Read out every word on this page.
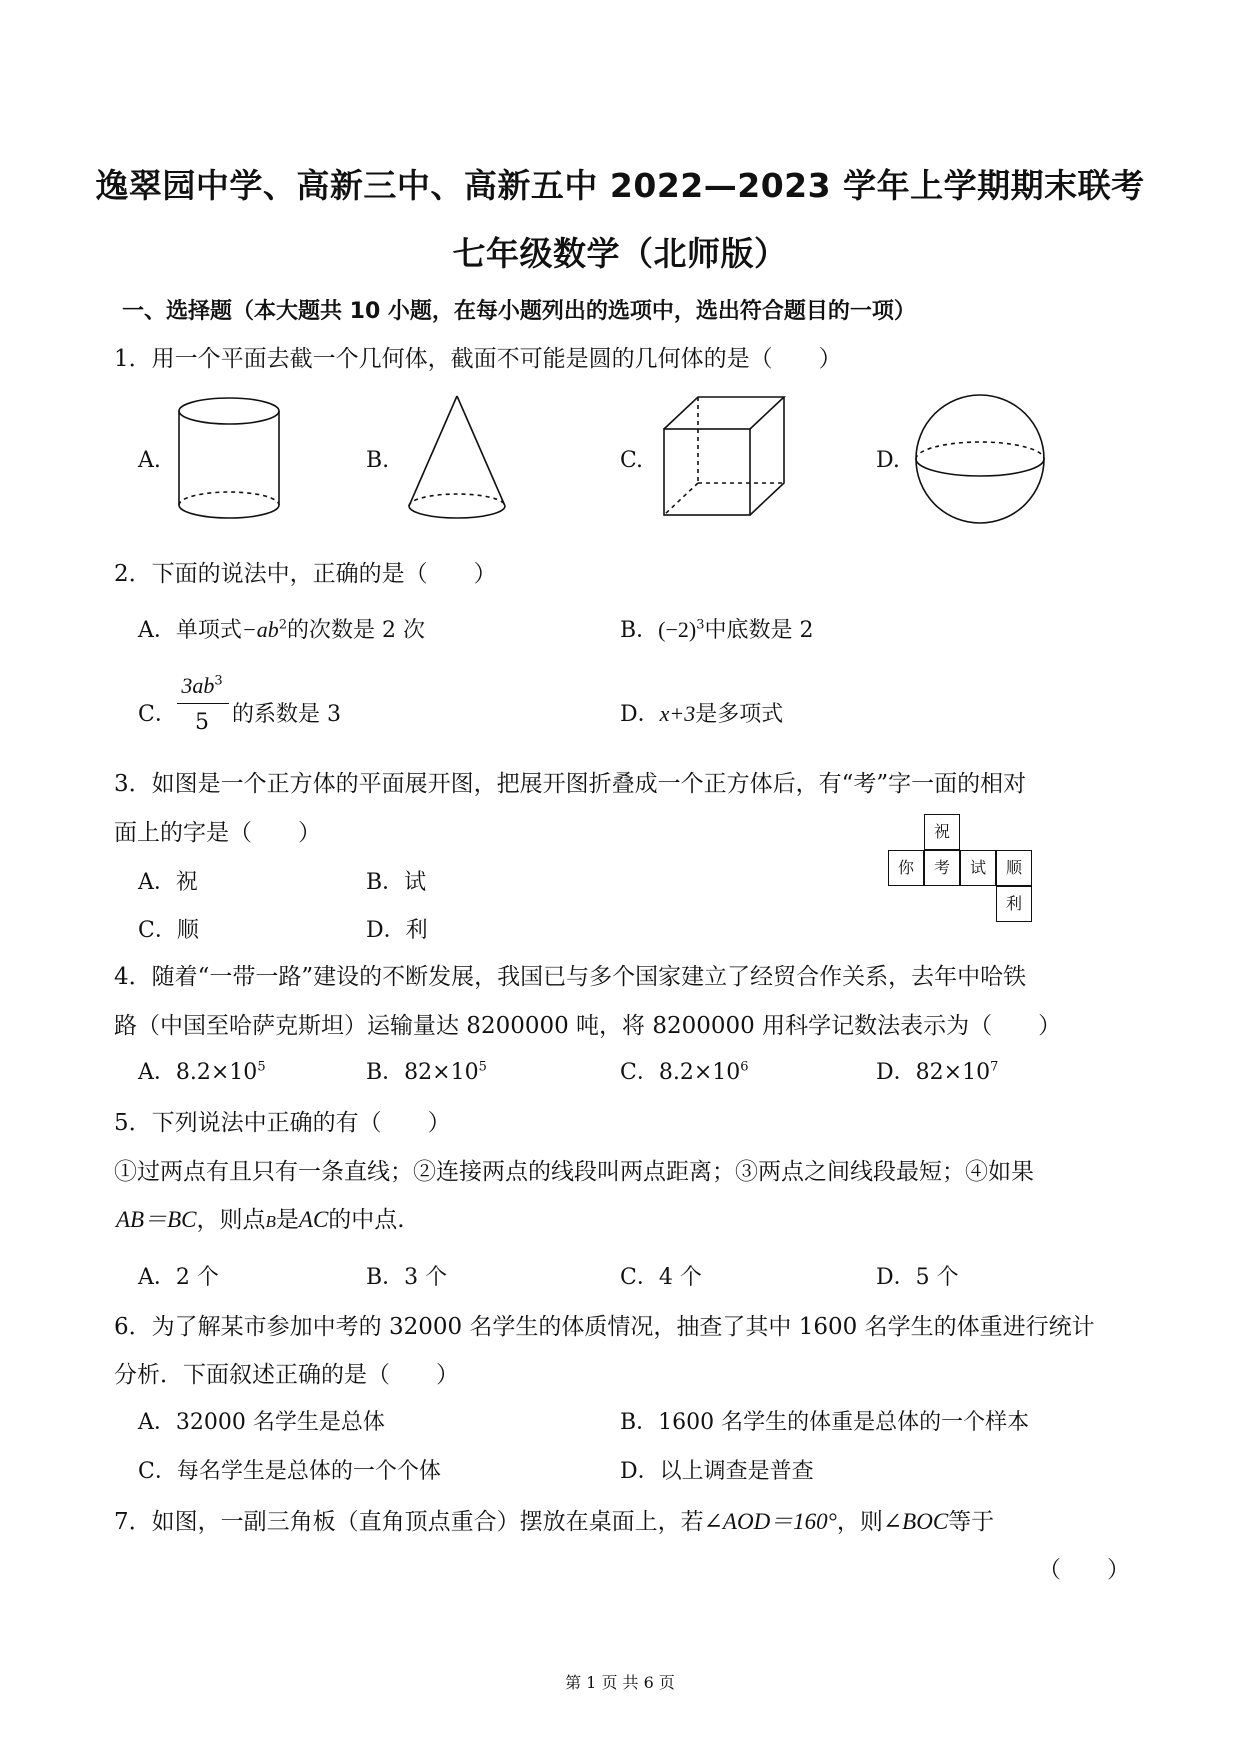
逸翠园中学、高新三中、高新五中 2022—2023 学年上学期期末联考
七年级数学（北师版）
一、选择题（本大题共 10 小题，在每小题列出的选项中，选出符合题目的一项）
1．用一个平面去截一个几何体，截面不可能是圆的几何体的是（　　）
A.	B.	C.	D.
2．下面的说法中，正确的是（　　）
A．单项式$-ab^2$的次数是 2 次	B．$(-2)^3$中底数是 2
C．
$3ab^3$
5	的系数是 3	D．x+3是多项式
3．如图是一个正方体的平面展开图，把展开图折叠成一个正方体后，有“考”字一面的相对
面上的字是（　　）
A．祝	B．试
C．顺	D．利
祝
你	考	试	顺
利
4．随着“一带一路”建设的不断发展，我国已与多个国家建立了经贸合作关系，去年中哈铁
路（中国至哈萨克斯坦）运输量达 8200000 吨，将 8200000 用科学记数法表示为（　　）
A．$8.2\times 10^5$	B．$82\times 10^5$	C．$8.2\times 10^6$	D．$82\times 10^7$
5．下列说法中正确的有（　　）
①过两点有且只有一条直线；②连接两点的线段叫两点距离；③两点之间线段最短；④如果
AB＝BC，则点B是AC的中点.
A．2 个	B．3 个	C．4 个	D．5 个
6．为了解某市参加中考的 32000 名学生的体质情况，抽查了其中 1600 名学生的体重进行统计
分析．下面叙述正确的是（　　）
A．32000 名学生是总体	B．1600 名学生的体重是总体的一个样本
C．每名学生是总体的一个个体	D．以上调查是普查
7．如图，一副三角板（直角顶点重合）摆放在桌面上，若∠AOD＝160°，则∠BOC等于
（　　）
第 1 页 共 6 页
